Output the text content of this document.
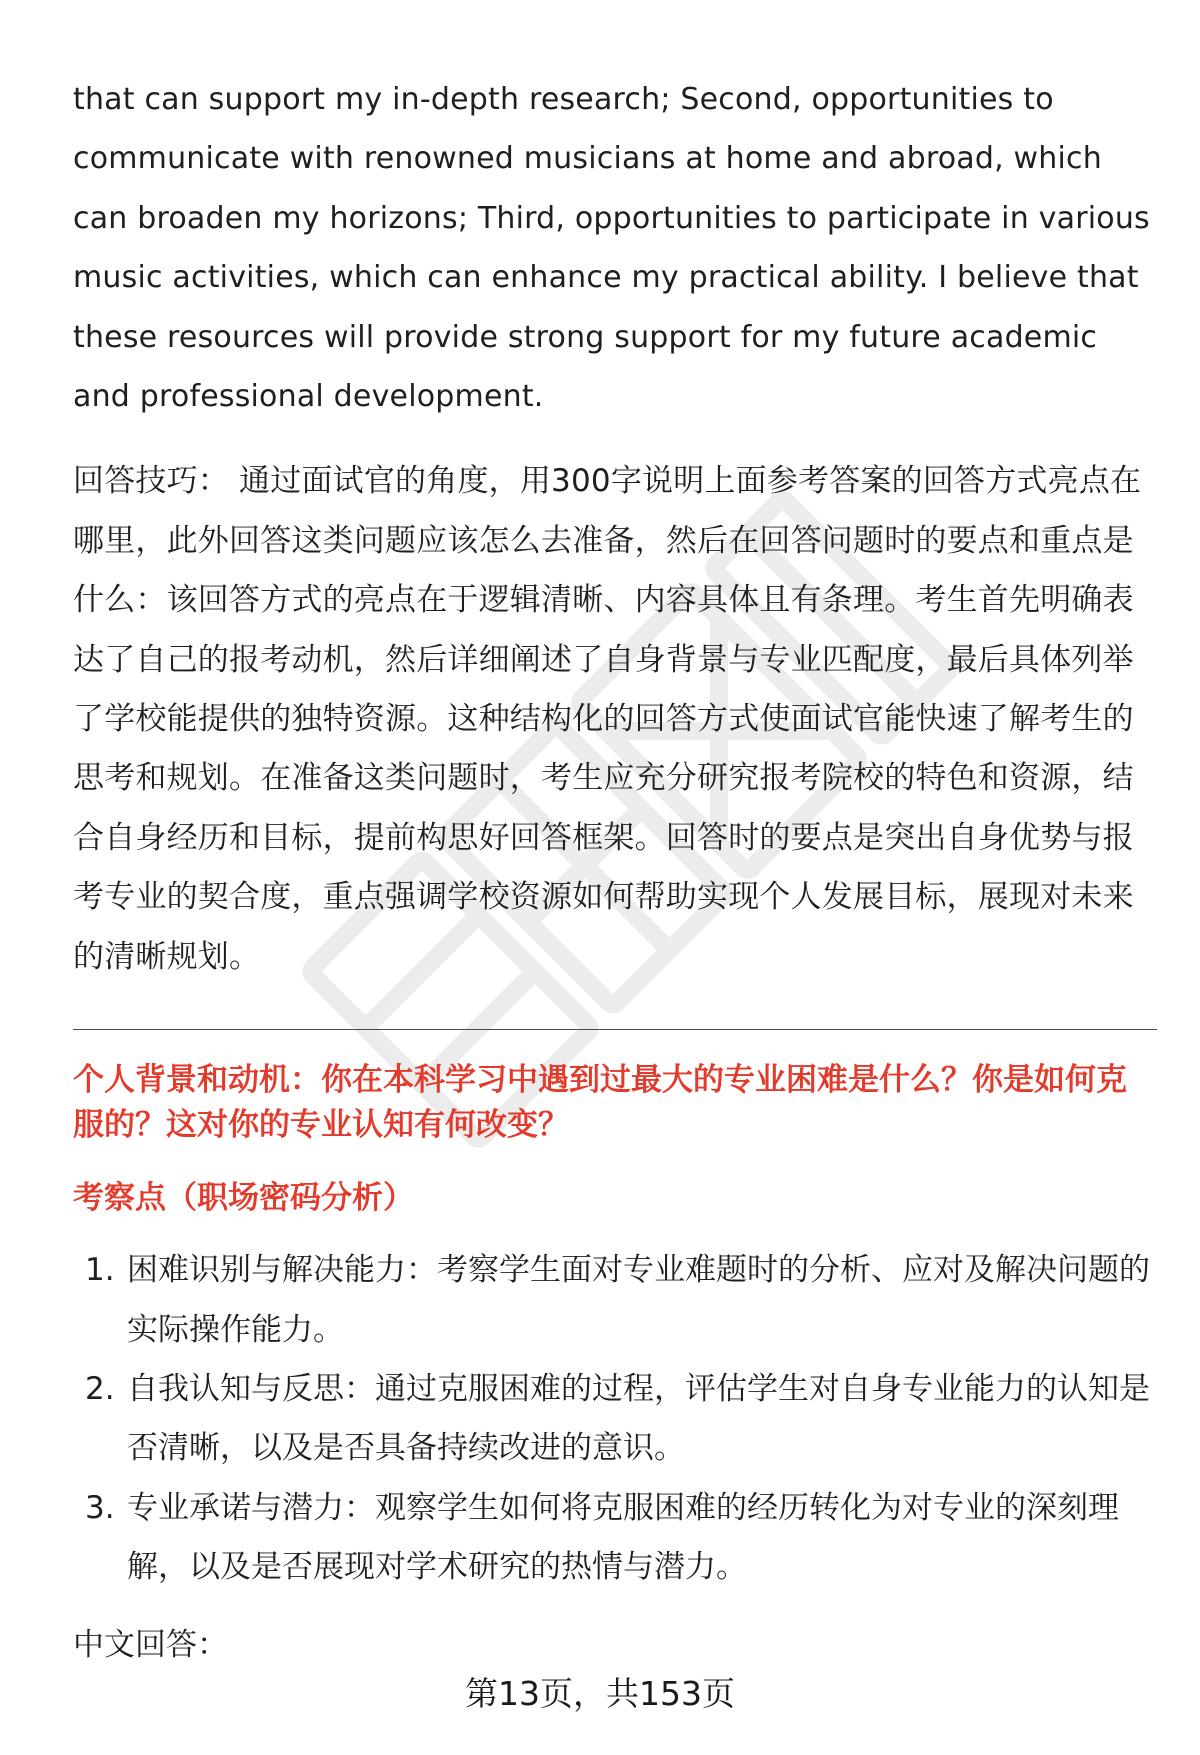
that can support my in-depth research; Second, opportunities to communicate with renowned musicians at home and abroad, which can broaden my horizons; Third, opportunities to participate in various music activities, which can enhance my practical ability. I believe that these resources will provide strong support for my future academic and professional development.

回答技巧： 通过面试官的角度，用300字说明上面参考答案的回答方式亮点在哪里，此外回答这类问题应该怎么去准备，然后在回答问题时的要点和重点是什么：该回答方式的亮点在于逻辑清晰、内容具体且有条理。考生首先明确表达了自己的报考动机，然后详细阐述了自身背景与专业匹配度，最后具体列举了学校能提供的独特资源。这种结构化的回答方式使面试官能快速了解考生的思考和规划。在准备这类问题时，考生应充分研究报考院校的特色和资源，结合自身经历和目标，提前构思好回答框架。回答时的要点是突出自身优势与报考专业的契合度，重点强调学校资源如何帮助实现个人发展目标，展现对未来的清晰规划。

个人背景和动机：你在本科学习中遇到过最大的专业困难是什么？你是如何克服的？这对你的专业认知有何改变？

考察点（职场密码分析）

1. 困难识别与解决能力：考察学生面对专业难题时的分析、应对及解决问题的实际操作能力。
2. 自我认知与反思：通过克服困难的过程，评估学生对自身专业能力的认知是否清晰，以及是否具备持续改进的意识。
3. 专业承诺与潜力：观察学生如何将克服困难的经历转化为对专业的深刻理解，以及是否展现对学术研究的热情与潜力。

中文回答：

第13页，共153页
